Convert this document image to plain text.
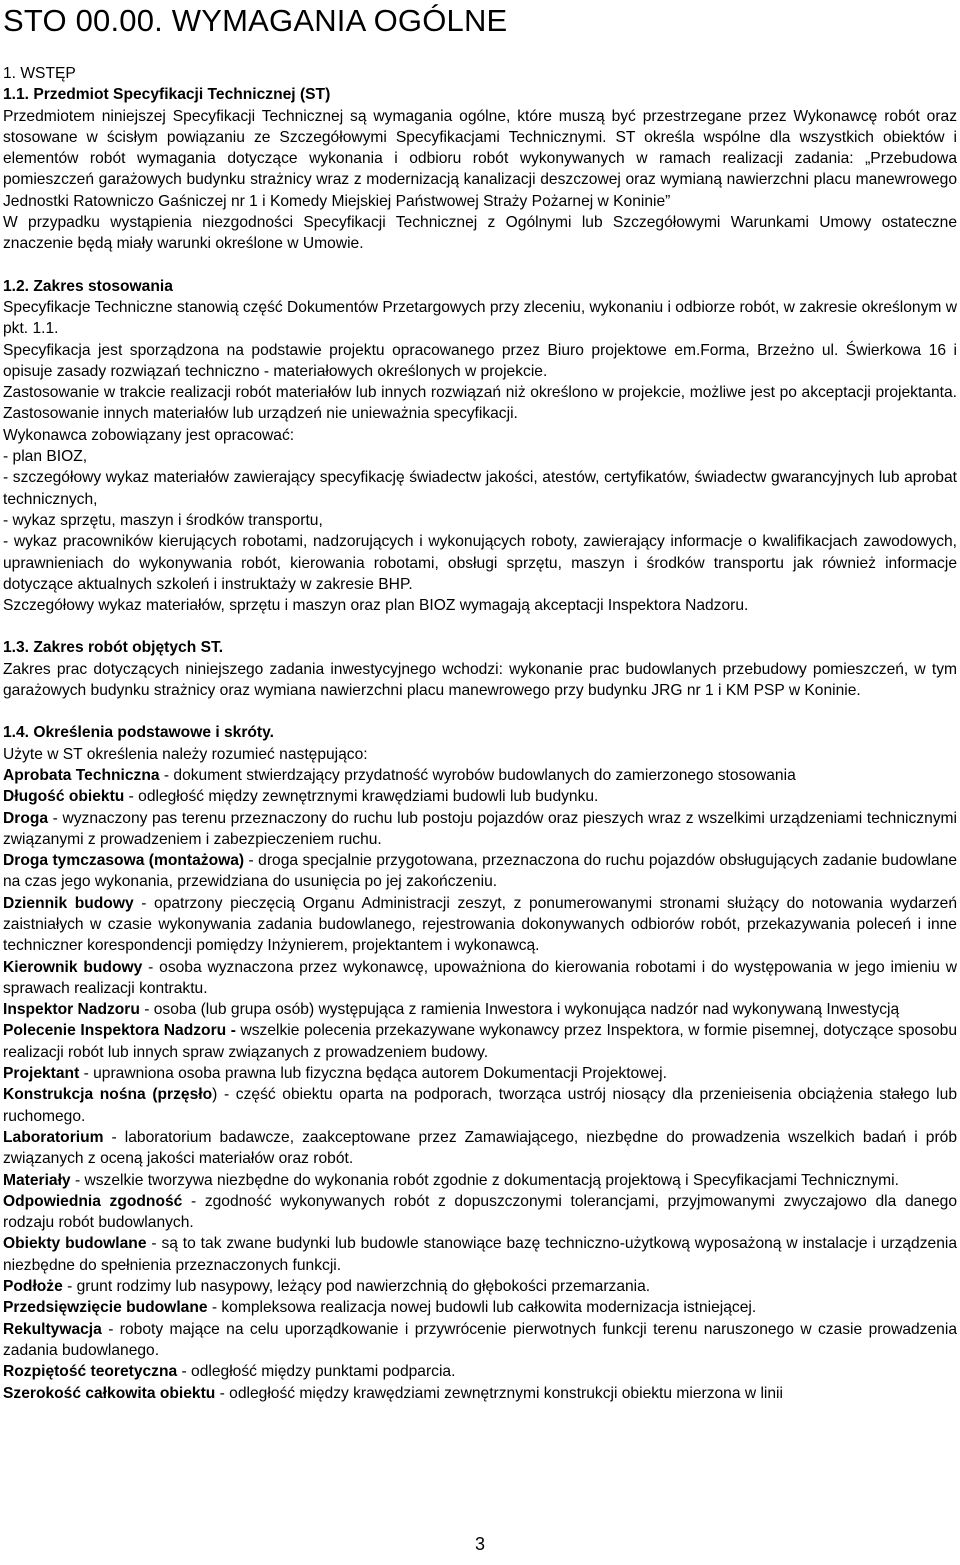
STO 00.00. WYMAGANIA OGÓLNE

1. WSTĘP

1.1. Przedmiot Specyfikacji Technicznej (ST)

Przedmiotem niniejszej Specyfikacji Technicznej są wymagania ogólne, które muszą być przestrzegane przez Wykonawcę robót oraz stosowane w ścisłym powiązaniu ze Szczegółowymi Specyfikacjami Technicznymi. ST określa wspólne dla wszystkich obiektów i elementów robót wymagania dotyczące wykonania i odbioru robót wykonywanych w ramach realizacji zadania: „Przebudowa pomieszczeń garażowych budynku strażnicy wraz z modernizacją kanalizacji deszczowej oraz wymianą nawierzchni placu manewrowego Jednostki Ratowniczo Gaśniczej nr 1 i Komedy Miejskiej Państwowej Straży Pożarnej w Koninie”

W przypadku wystąpienia niezgodności Specyfikacji Technicznej z Ogólnymi lub Szczegółowymi Warunkami Umowy ostateczne znaczenie będą miały warunki określone w Umowie.

1.2. Zakres stosowania

Specyfikacje Techniczne stanowią część Dokumentów Przetargowych przy zleceniu, wykonaniu i odbiorze robót, w zakresie określonym w pkt. 1.1.

Specyfikacja jest sporządzona na podstawie projektu opracowanego przez Biuro projektowe em.Forma, Brzeżno ul. Świerkowa 16 i opisuje zasady rozwiązań techniczno - materiałowych określonych w projekcie.

Zastosowanie w trakcie realizacji robót materiałów lub innych rozwiązań niż określono w projekcie, możliwe jest po akceptacji projektanta. Zastosowanie innych materiałów lub urządzeń nie unieważnia specyfikacji.

Wykonawca zobowiązany jest opracować:

- plan BIOZ,

- szczegółowy wykaz materiałów zawierający specyfikację świadectw jakości, atestów, certyfikatów, świadectw gwarancyjnych lub aprobat technicznych,

- wykaz sprzętu, maszyn i środków transportu,

- wykaz pracowników kierujących robotami, nadzorujących i wykonujących roboty, zawierający informacje o kwalifikacjach zawodowych, uprawnieniach do wykonywania robót, kierowania robotami, obsługi sprzętu, maszyn i środków transportu jak również informacje dotyczące aktualnych szkoleń i instruktaży w zakresie BHP.

Szczegółowy wykaz materiałów, sprzętu i maszyn oraz plan BIOZ wymagają akceptacji Inspektora Nadzoru.

1.3. Zakres robót objętych ST.

Zakres prac dotyczących niniejszego zadania inwestycyjnego wchodzi: wykonanie prac budowlanych przebudowy pomieszczeń, w tym garażowych budynku strażnicy oraz wymiana nawierzchni placu manewrowego przy budynku JRG nr 1 i KM PSP w Koninie.

1.4. Określenia podstawowe i skróty.

Użyte w ST określenia należy rozumieć następująco:

Aprobata Techniczna - dokument stwierdzający przydatność wyrobów budowlanych do zamierzonego stosowania

Długość obiektu - odległość między zewnętrznymi krawędziami budowli lub budynku.

Droga - wyznaczony pas terenu przeznaczony do ruchu lub postoju pojazdów oraz pieszych wraz z wszelkimi urządzeniami technicznymi związanymi z prowadzeniem i zabezpieczeniem ruchu.

Droga tymczasowa (montażowa) - droga specjalnie przygotowana, przeznaczona do ruchu pojazdów obsługujących zadanie budowlane na czas jego wykonania, przewidziana do usunięcia po jej zakończeniu.

Dziennik budowy - opatrzony pieczęcią Organu Administracji zeszyt, z ponumerowanymi stronami służący do notowania wydarzeń zaistniałych w czasie wykonywania zadania budowlanego, rejestrowania dokonywanych odbiorów robót, przekazywania poleceń i inne techniczner korespondencji pomiędzy Inżynierem, projektantem i wykonawcą.

Kierownik budowy - osoba wyznaczona przez wykonawcę, upoważniona do kierowania robotami i do występowania w jego imieniu w sprawach realizacji kontraktu.

Inspektor Nadzoru - osoba (lub grupa osób) występująca z ramienia Inwestora i wykonująca nadzór nad wykonywaną Inwestycją

Polecenie Inspektora Nadzoru - wszelkie polecenia przekazywane wykonawcy przez Inspektora, w formie pisemnej, dotyczące sposobu realizacji robót lub innych spraw związanych z prowadzeniem budowy.

Projektant - uprawniona osoba prawna lub fizyczna będąca autorem Dokumentacji Projektowej.

Konstrukcja nośna (przęsło) - część obiektu oparta na podporach, tworząca ustrój niosący dla przenieisenia obciążenia stałego lub ruchomego.

Laboratorium - laboratorium badawcze, zaakceptowane przez Zamawiającego, niezbędne do prowadzenia wszelkich badań i prób związanych z oceną jakości materiałów oraz robót.

Materiały - wszelkie tworzywa niezbędne do wykonania robót zgodnie z dokumentacją projektową i Specyfikacjami Technicznymi.

Odpowiednia zgodność - zgodność wykonywanych robót z dopuszczonymi tolerancjami, przyjmowanymi zwyczajowo dla danego rodzaju robót budowlanych.

Obiekty budowlane - są to tak zwane budynki lub budowle stanowiące bazę techniczno-użytkową wyposażoną w instalacje i urządzenia niezbędne do spełnienia przeznaczonych funkcji.

Podłoże - grunt rodzimy lub nasypowy, leżący pod nawierzchnią do głębokości przemarzania.

Przedsięwzięcie budowlane - kompleksowa realizacja nowej budowli lub całkowita modernizacja istniejącej.

Rekultywacja - roboty mające na celu uporządkowanie i przywrócenie pierwotnych funkcji terenu naruszonego w czasie prowadzenia zadania budowlanego.

Rozpiętość teoretyczna - odległość między punktami podparcia.

Szerokość całkowita obiektu - odległość między krawędziami zewnętrznymi konstrukcji obiektu mierzona w linii

3
